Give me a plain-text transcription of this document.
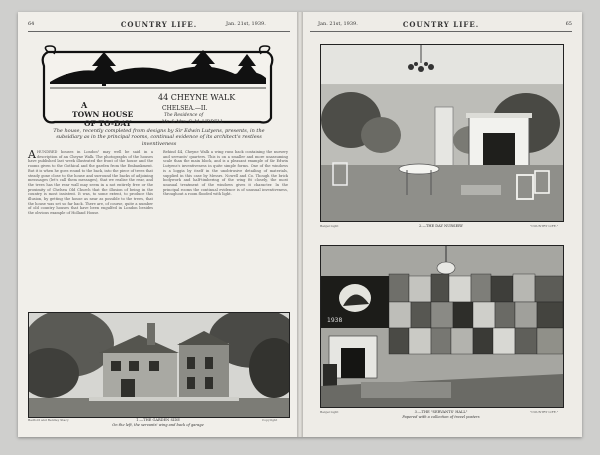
64	COUNTRY LIFE.	Jan. 21st, 1939.
A
TOWN HOUSE
OF TO-DAY
44 CHEYNE WALK
CHELSEA.—II.
The Residence of
Mr. & Mrs. C. M. LIDDELL
The house, recently completed from designs by Sir Edwin Lutyens, presents, in the subsidiary as in the principal rooms, continual evidence of its architect's restless inventiveness
AHUNDRED houses in London" may well be said in a description of an Cheyne Walk. The photographs of the houses have published last week illustrated the front of the house and the rooms given to the Gothical and the garden from the Embankment. But it is when he goes round to the back, into the piece of trees that steady gone close to the house and surround the backs of adjoining messuages (let's call them messages), that we realise the rear, and the trees has the rear wall may seem in a not entirely free or the proximity of Chelsea Old Church that the illusion of being in the country is most insistent. It was, to some extent, to produce this illusion, by getting the house as near as possible to the trees, that the house was set so far back. There are, of course, quite a number of old country houses that have been engulfed in London besides the obvious example of Holland House.
Behind 44, Cheyne Walk a wing runs back containing the nursery and servants' quarters. This is on a smaller and more unassuming scale than the main block, and is a pleasant example of Sir Edwin Lutyens's inventiveness in quite simple forms. One of the windows is a loggia by itself in the unobtrusive detailing of materials, supplied in this case by Messrs. Nowell and Co. Though the brick bodywork and half-timbering of the wing fit closely, the most unusual treatment of the windows gives it character. In the principal rooms the continual evidence is of unusual inventiveness, throughout a room flooded with light.
1.—THE GARDEN SIDE
On the left, the servants' wing and back of garage
Bedford and Bentley Stacy	Copyright
Jan. 21st, 1939.	COUNTRY LIFE.	65
2.—THE DAY NURSERY
Benjel Light	"COUNTRY LIFE."
1938
3.—THE "SERVANTS' HALL"
Papered with a collection of travel posters
Benjel Light	"COUNTRY LIFE."
